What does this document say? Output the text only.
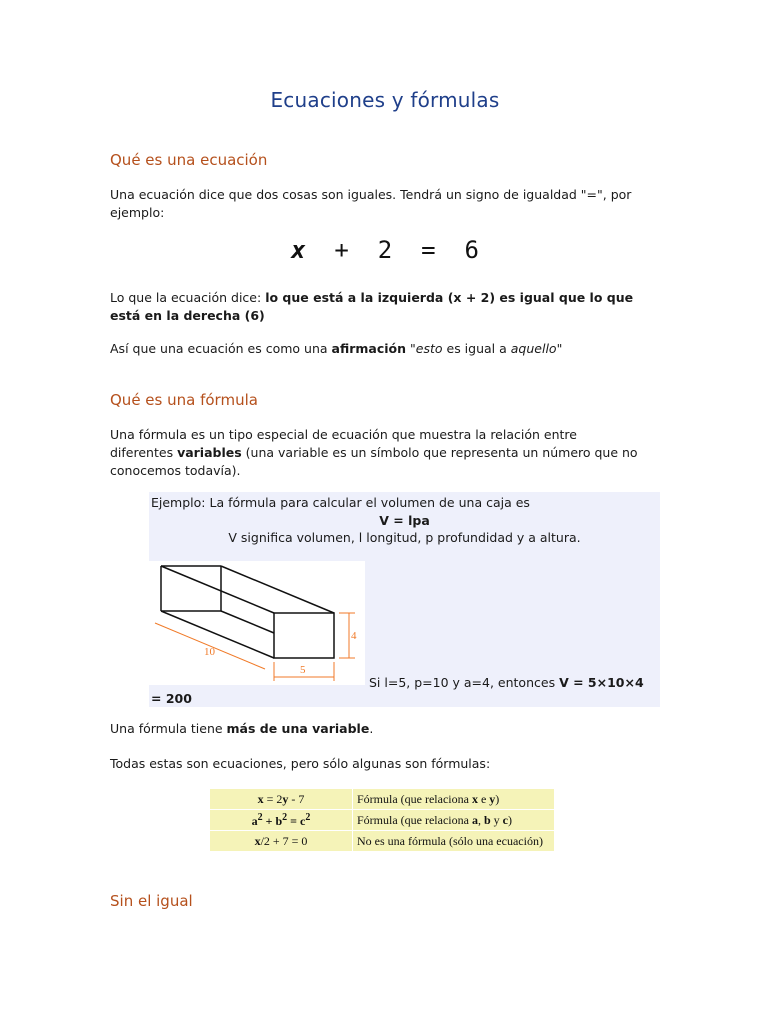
Ecuaciones y fórmulas
Qué es una ecuación

Una ecuación dice que dos cosas son iguales. Tendrá un signo de igualdad "=", por
ejemplo:

x  +  2  =  6

Lo que la ecuación dice: lo que está a la izquierda (x + 2) es igual que lo que
está en la derecha (6)

Así que una ecuación es como una afirmación "esto es igual a aquello"

Qué es una fórmula

Una fórmula es un tipo especial de ecuación que muestra la relación entre
diferentes variables (una variable es un símbolo que representa un número que no
conocemos todavía).

Ejemplo: La fórmula para calcular el volumen de una caja es
V = lpa
V significa volumen, l longitud, p profundidad y a altura.
10
5
4
Si l=5, p=10 y a=4, entonces V = 5×10×4
= 200

Una fórmula tiene más de una variable.

Todas estas son ecuaciones, pero sólo algunas son fórmulas:

x = 2y - 7	Fórmula (que relaciona x e y)
$a^2 + b^2 = c^2$	Fórmula (que relaciona a, b y c)
x/2 + 7 = 0	No es una fórmula (sólo una ecuación)
Sin el igual
